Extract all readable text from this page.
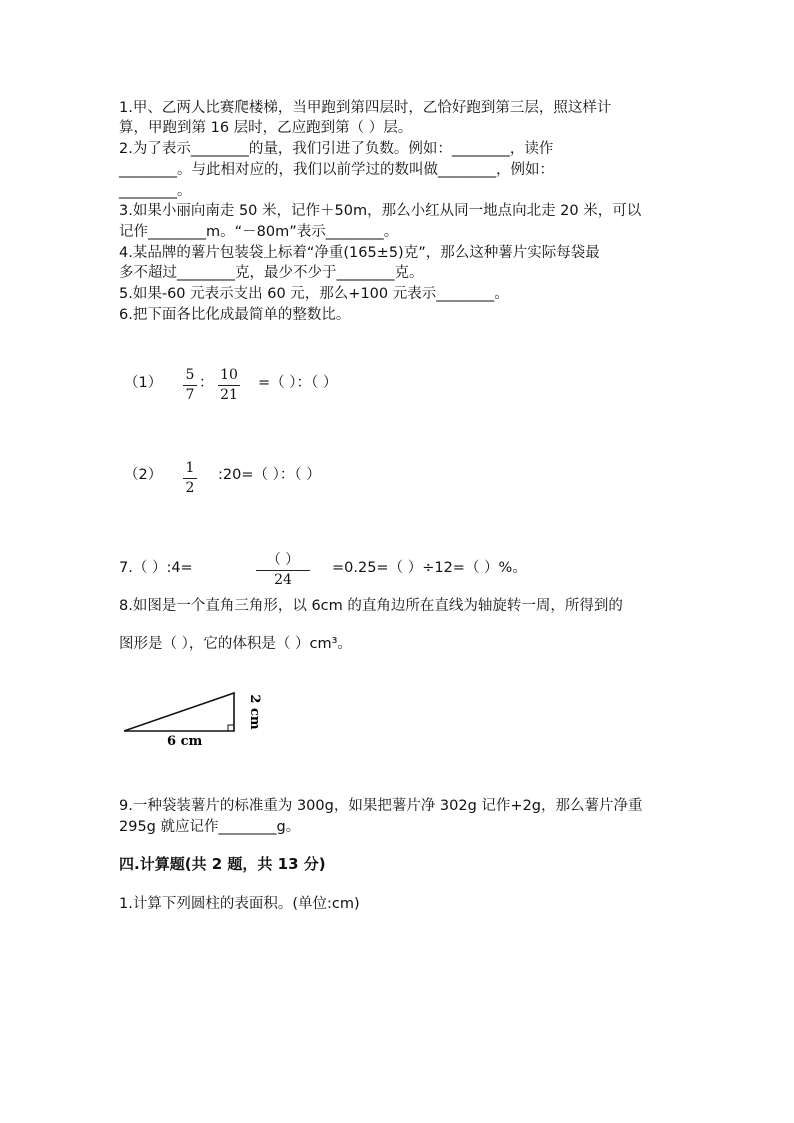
1.甲、乙两人比赛爬楼梯，当甲跑到第四层时，乙恰好跑到第三层，照这样计
算，甲跑到第 16 层时，乙应跑到第（ ）层。
2.为了表示________的量，我们引进了负数。例如：________，读作
________。与此相对应的，我们以前学过的数叫做________，例如：
________。
3.如果小丽向南走 50 米，记作＋50m，那么小红从同一地点向北走 20 米，可以
记作________m。“－80m”表示________。
4.某品牌的薯片包装袋上标着“净重(165±5)克”，那么这种薯片实际每袋最
多不超过________克，最少不少于________克。
5.如果-60 元表示支出 60 元，那么+100 元表示________。
6.把下面各比化成最简单的整数比。
（1） 5
7
： 10
21
=（ ）：（ ）
（2） 1
2
:20=（ ）：（ ）
7.（ ）:4=	（ ）
24
=0.25=（ ）÷12=（ ）%。
8.如图是一个直角三角形，以 6cm 的直角边所在直线为轴旋转一周，所得到的
图形是（ ），它的体积是（ ）cm³。
6 cm
2 cm
9.一种袋装薯片的标准重为 300g，如果把薯片净 302g 记作+2g，那么薯片净重
295g 就应记作________g。
四.计算题(共 2 题，共 13 分)
1.计算下列圆柱的表面积。(单位:cm)
